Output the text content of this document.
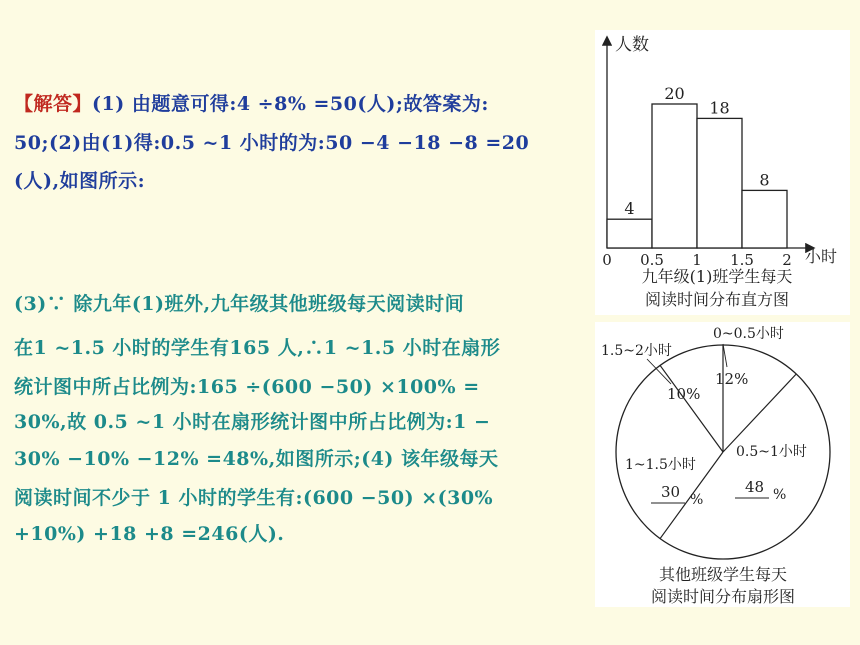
【解答】(1) 由题意可得:4 ÷8% =50(人);故答案为:
50;(2)由(1)得:0.5 ~1 小时的为:50 −4 −18 −8 =20
(人),如图所示:
(3)∵ 除九年(1)班外,九年级其他班级每天阅读时间
在1 ~1.5 小时的学生有165 人,∴1 ~1.5 小时在扇形
统计图中所占比例为:165 ÷(600 −50) ×100% =
30%,故 0.5 ~1 小时在扇形统计图中所占比例为:1 −
30% −10% −12% =48%,如图所示;(4) 该年级每天
阅读时间不少于 1 小时的学生有:(600 −50) ×(30%
+10%) +18 +8 =246(人).
人数
小时
4
20
18
8
0 0.5 1 1.5 2
九年级(1)班学生每天
阅读时间分布直方图
0~0.5小时
1.5~2小时
12%
10%
1~1.5小时
30 %
0.5~1小时
48 %
其他班级学生每天
阅读时间分布扇形图
